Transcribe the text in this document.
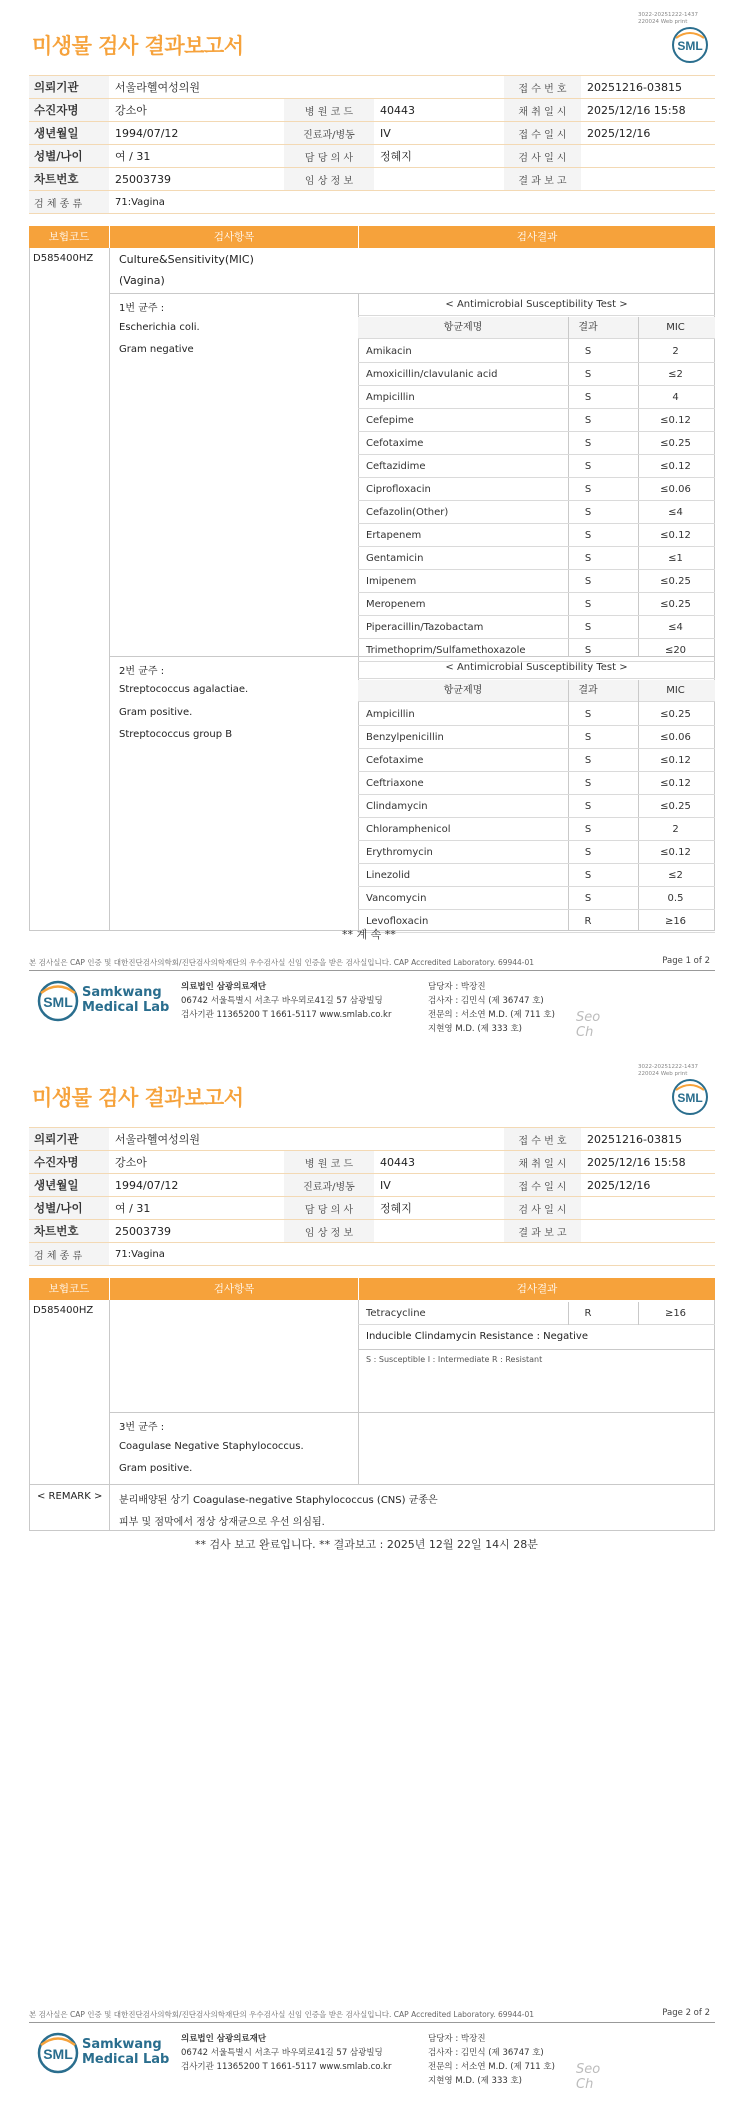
3022-20251222-1437
220024 Web print
미생물 검사 결과보고서	SML
의뢰기관	서울라헬여성의원			접 수 번 호	20251216-03815
수진자명	강소아	병 원 코 드	40443	채 취 일 시	2025/12/16 15:58
생년월일	1994/07/12	진료과/병동	IV	접 수 일 시	2025/12/16
성별/나이	여 / 31	담 당 의 사	정혜지	검 사 일 시	
차트번호	25003739	임 상 정 보		결 과 보 고	
검 체 종 류	71:Vagina				
보험코드	검사항목	검사결과
D585400HZ Culture&Sensitivity(MIC)
(Vagina)
1번 균주 :
Escherichia coli.
Gram negative
< Antimicrobial Susceptibility Test >
항균제명	결과	MIC
Amikacin	S	2
Amoxicillin/clavulanic acid	S	≤2
Ampicillin	S	4
Cefepime	S	≤0.12
Cefotaxime	S	≤0.25
Ceftazidime	S	≤0.12
Ciprofloxacin	S	≤0.06
Cefazolin(Other)	S	≤4
Ertapenem	S	≤0.12
Gentamicin	S	≤1
Imipenem	S	≤0.25
Meropenem	S	≤0.25
Piperacillin/Tazobactam	S	≤4
Trimethoprim/Sulfamethoxazole	S	≤20
2번 균주 :
Streptococcus agalactiae.
Gram positive.
Streptococcus group B
< Antimicrobial Susceptibility Test >
항균제명	결과	MIC
Ampicillin	S	≤0.25
Benzylpenicillin	S	≤0.06
Cefotaxime	S	≤0.12
Ceftriaxone	S	≤0.12
Clindamycin	S	≤0.25
Chloramphenicol	S	2
Erythromycin	S	≤0.12
Linezolid	S	≤2
Vancomycin	S	0.5
Levofloxacin	R	≥16
** 계 속 **
본 검사실은 CAP 인증 및 대한진단검사의학회/진단검사의학재단의 우수검사실 신임 인증을 받은 검사실입니다. CAP Accredited Laboratory. 69944-01	Page 1 of 2
SML
Samkwang
Medical Lab
의료법인 삼광의료재단
06742 서울특별시 서초구 바우뫼로41길 57 삼광빌딩
검사기관 11365200 T 1661-5117 www.smlab.co.kr
담당자 : 박장진
검사자 : 김민식 (제 36747 호)
전문의 : 서소연 M.D. (제 711 호)
지현영 M.D. (제 333 호)
Seo
Ch
3022-20251222-1437
220024 Web print
미생물 검사 결과보고서	SML
의뢰기관	서울라헬여성의원			접 수 번 호	20251216-03815
수진자명	강소아	병 원 코 드	40443	채 취 일 시	2025/12/16 15:58
생년월일	1994/07/12	진료과/병동	IV	접 수 일 시	2025/12/16
성별/나이	여 / 31	담 당 의 사	정혜지	검 사 일 시	
차트번호	25003739	임 상 정 보		결 과 보 고	
검 체 종 류	71:Vagina				
보험코드	검사항목	검사결과
D585400HZ	Tetracycline	R	≥16
Inducible Clindamycin Resistance : Negative
S : Susceptible I : Intermediate R : Resistant
3번 균주 :
Coagulase Negative Staphylococcus.
Gram positive.
< REMARK > 분리배양된 상기 Coagulase-negative Staphylococcus (CNS) 균종은
피부 및 점막에서 정상 상재균으로 우선 의심됨.
** 검사 보고 완료입니다. ** 결과보고 : 2025년 12월 22일 14시 28분
본 검사실은 CAP 인증 및 대한진단검사의학회/진단검사의학재단의 우수검사실 신임 인증을 받은 검사실입니다. CAP Accredited Laboratory. 69944-01	Page 2 of 2
SML
Samkwang
Medical Lab
의료법인 삼광의료재단
06742 서울특별시 서초구 바우뫼로41길 57 삼광빌딩
검사기관 11365200 T 1661-5117 www.smlab.co.kr
담당자 : 박장진
검사자 : 김민식 (제 36747 호)
전문의 : 서소연 M.D. (제 711 호)
지현영 M.D. (제 333 호)
Seo
Ch
